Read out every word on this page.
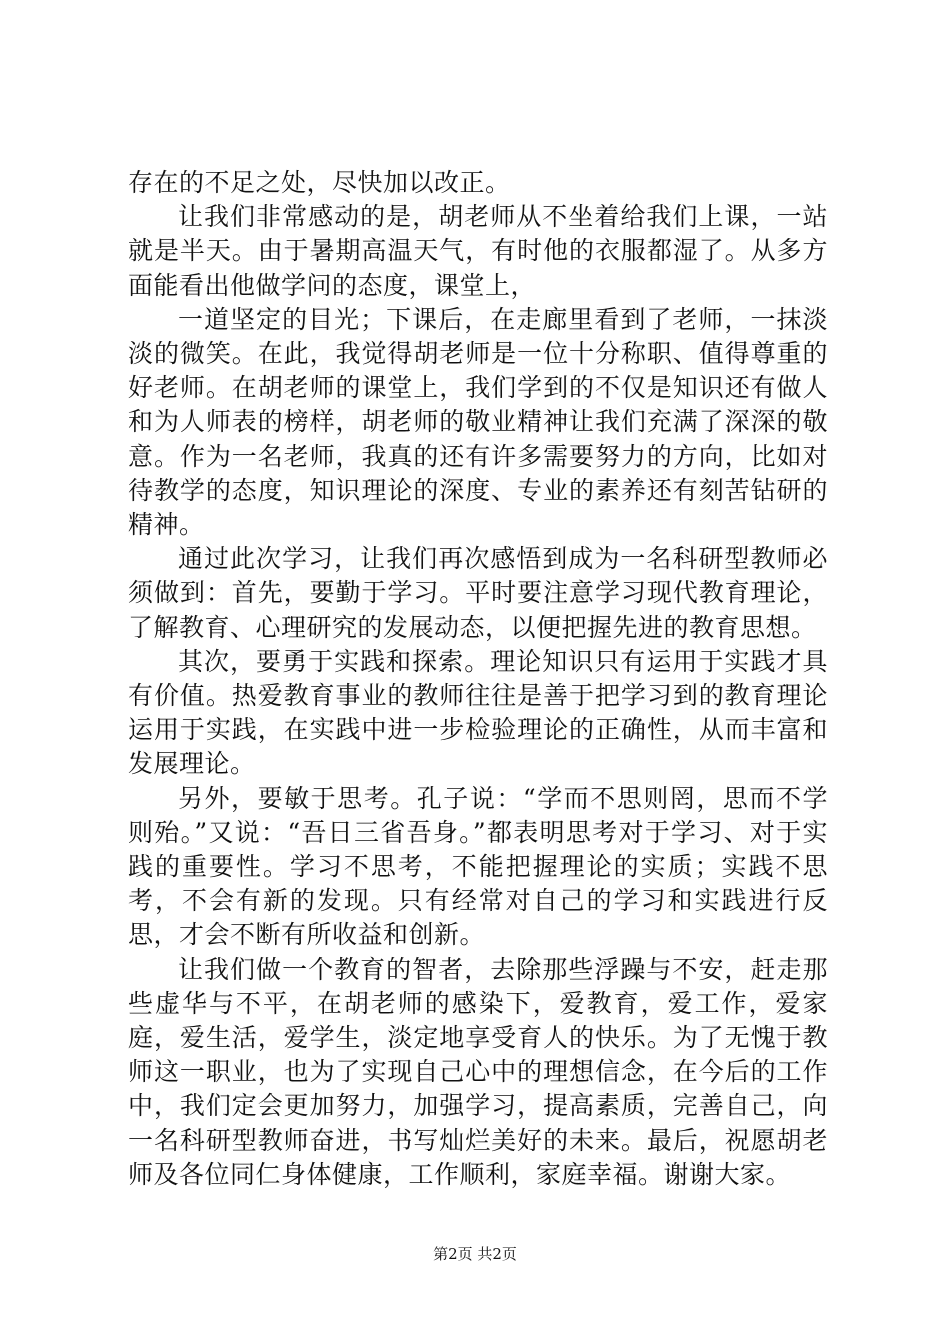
存在的不足之处，尽快加以改正。

让我们非常感动的是，胡老师从不坐着给我们上课，一站就是半天。由于暑期高温天气，有时他的衣服都湿了。从多方面能看出他做学问的态度，课堂上，

一道坚定的目光；下课后，在走廊里看到了老师，一抹淡淡的微笑。在此，我觉得胡老师是一位十分称职、值得尊重的好老师。在胡老师的课堂上，我们学到的不仅是知识还有做人和为人师表的榜样，胡老师的敬业精神让我们充满了深深的敬意。作为一名老师，我真的还有许多需要努力的方向，比如对待教学的态度，知识理论的深度、专业的素养还有刻苦钻研的精神。

通过此次学习，让我们再次感悟到成为一名科研型教师必须做到：首先，要勤于学习。平时要注意学习现代教育理论，了解教育、心理研究的发展动态，以便把握先进的教育思想。

其次，要勇于实践和探索。理论知识只有运用于实践才具有价值。热爱教育事业的教师往往是善于把学习到的教育理论运用于实践，在实践中进一步检验理论的正确性，从而丰富和发展理论。

另外，要敏于思考。孔子说：“学而不思则罔，思而不学则殆。”又说：“吾日三省吾身。”都表明思考对于学习、对于实践的重要性。学习不思考，不能把握理论的实质；实践不思考，不会有新的发现。只有经常对自己的学习和实践进行反思，才会不断有所收益和创新。

让我们做一个教育的智者，去除那些浮躁与不安，赶走那些虚华与不平，在胡老师的感染下，爱教育，爱工作，爱家庭，爱生活，爱学生，淡定地享受育人的快乐。为了无愧于教师这一职业，也为了实现自己心中的理想信念，在今后的工作中，我们定会更加努力，加强学习，提高素质，完善自己，向一名科研型教师奋进，书写灿烂美好的未来。最后，祝愿胡老师及各位同仁身体健康，工作顺利，家庭幸福。谢谢大家。

第2页 共2页
